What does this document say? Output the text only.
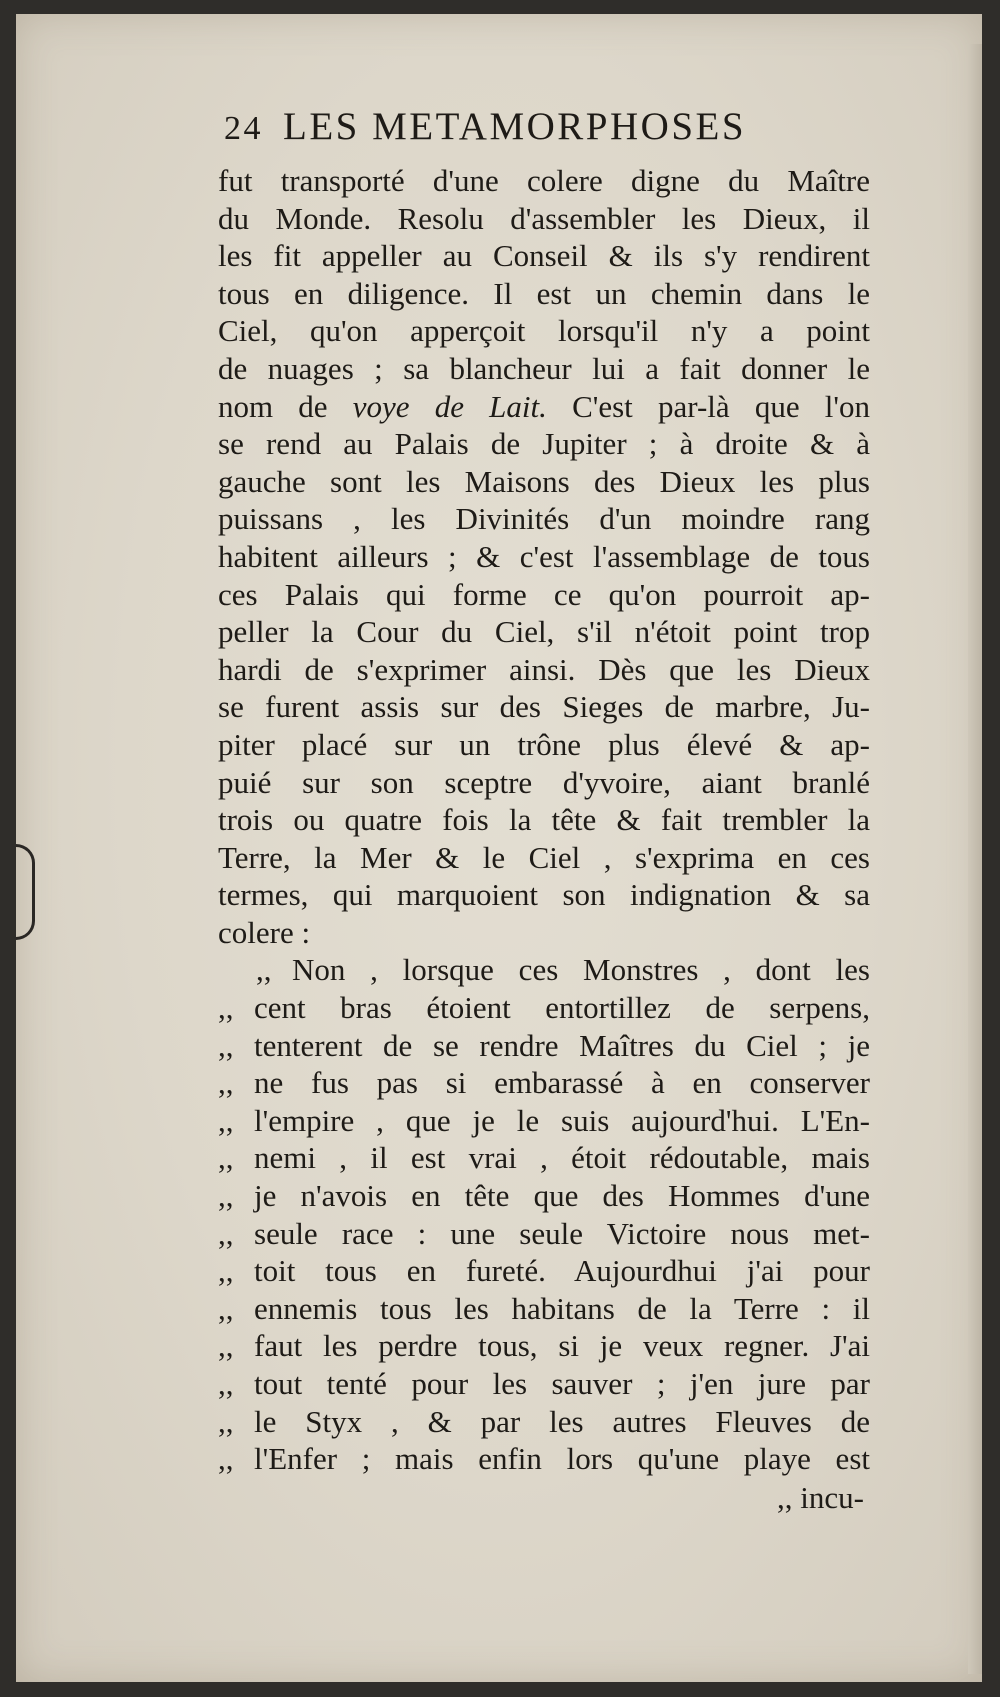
24 LES METAMORPHOSES
fut transporté d'une colere digne du Maître
du Monde. Resolu d'assembler les Dieux, il
les fit appeller au Conseil & ils s'y rendirent
tous en diligence. Il est un chemin dans le
Ciel, qu'on apperçoit lorsqu'il n'y a point
de nuages ; sa blancheur lui a fait donner le
nom de voye de Lait. C'est par-là que l'on
se rend au Palais de Jupiter ; à droite & à
gauche sont les Maisons des Dieux les plus
puissans , les Divinités d'un moindre rang
habitent ailleurs ; & c'est l'assemblage de tous
ces Palais qui forme ce qu'on pourroit ap-
peller la Cour du Ciel, s'il n'étoit point trop
hardi de s'exprimer ainsi. Dès que les Dieux
se furent assis sur des Sieges de marbre, Ju-
piter placé sur un trône plus élevé & ap-
puié sur son sceptre d'yvoire, aiant branlé
trois ou quatre fois la tête & fait trembler la
Terre, la Mer & le Ciel , s'exprima en ces
termes, qui marquoient son indignation & sa
colere :
,, Non , lorsque ces Monstres , dont les
,, cent bras étoient entortillez de serpens,
,, tenterent de se rendre Maîtres du Ciel ; je
,, ne fus pas si embarassé à en conserver
,, l'empire , que je le suis aujourd'hui. L'En-
,, nemi , il est vrai , étoit rédoutable, mais
,, je n'avois en tête que des Hommes d'une
,, seule race : une seule Victoire nous met-
,, toit tous en fureté. Aujourdhui j'ai pour
,, ennemis tous les habitans de la Terre : il
,, faut les perdre tous, si je veux regner. J'ai
,, tout tenté pour les sauver ; j'en jure par
,, le Styx , & par les autres Fleuves de
,, l'Enfer ; mais enfin lors qu'une playe est
,, incu-
